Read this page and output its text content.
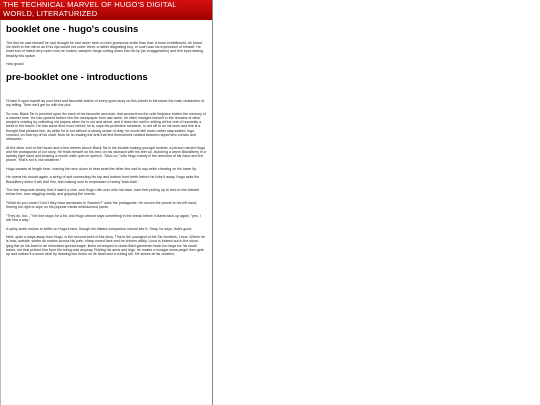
THE TECHNICAL MARVEL OF HUGO'S DIGITAL WORLD, LITERATURIZED
booklet one - hugo's cousins

The first he saw himself he had thought he had never seen a more gruesome smile than that. A bone exhibitionist, he bared his teeth to the mirror as if his lips would not cover them: a rather disgusting boy, or such was his impression of himself. He most sort of hated very much how he looked, vampiric fangs curling down into his lip (an exaggeration) and thin eyes staring beadily into space.

How gross!

pre-booklet one - introductions

I'll take it upon myself as your best and favourite author of every good story on this planet to introduce the main characters of my telling. Then we'll get on with the plot.

So now, Black Tar is perched upon the back of his favourite armchair, that across from the unlit fireplace invites the memory of a warmer time. He has opened before him the newspaper from last week- he often indulges himself in the remains of other people's reading by collecting old papers when he is out and about, and it does him well in setting all the rest of humanity a week in the future. He has some time more before he is, says his protective schedule, to set off to do his work and this is a thought that pleases him, as while he is not without a strong sense of duty, he would still much rather stay seated, legs crossed, on that top of his chair. Now he is reading the arts that find themselves nestled between superhero comics and obituaries.

At the other end of the house and a few meters above Black Tar is his trouble-making younger brother, a person named Hugo and the protagonist of our story. He finds himself on his bed, on his stomach with his feet up, clutching a warm BlackBerry in a sweaty right hand and bearing a mouth wide open in speech. "Muh-no," lulls Hugo noisily in the direction of his hand and the phone, "that's not it, but whatever."

Hugo pauses at length here, craning his neck down to hear what the other line had to say while chewing on his lower lip.

He opens his mouth again, a string of spit connecting his top and bottom front teeth before he licks it away. Hugo asks the BlackBerry when it will visit him, first making sure to emphasize a hearty 'blah-blah'.

The line responds clearly that it hasn't a clue, and Hugo rolls over onto his back, bare feet pulling up to rest on the blanket below him, toes wiggling madly, and gripping the sheets.

"What do you mean? Don't they have aeroteaes in Sweden?" asks the protagonist. He moves the phone to his left hand, freeing his right to wipe on his popular media emblazoned pants.

"They do, but..." the line stops for a bit, and Hugo almost says something in the break before it starts back up again, "yes, I will find a way."

A spiny smile rushes to settle on Hugo's face, though his distant companion cannot see it. Okay, he says, that's good.

Next, quite a ways away from Hugo, is the second-best of this story. This is the youngest of the Tar brothers, Linus. Where he is now, outside, winter air rushes across his pale, sharp-nosed face and he shivers wildly. Linus is indeed out in the snow, lying flat on his back in an immodest spread-eagle, limbs enveloped in down-filled garments much too large for his small frame, but that protect him from the biting cold anyway. Flailing his arms and legs, he makes a meager snow-angel then gets up and makes it a snow devil by drawing two horns on its head and a curling tail. He smiles at his creation.
